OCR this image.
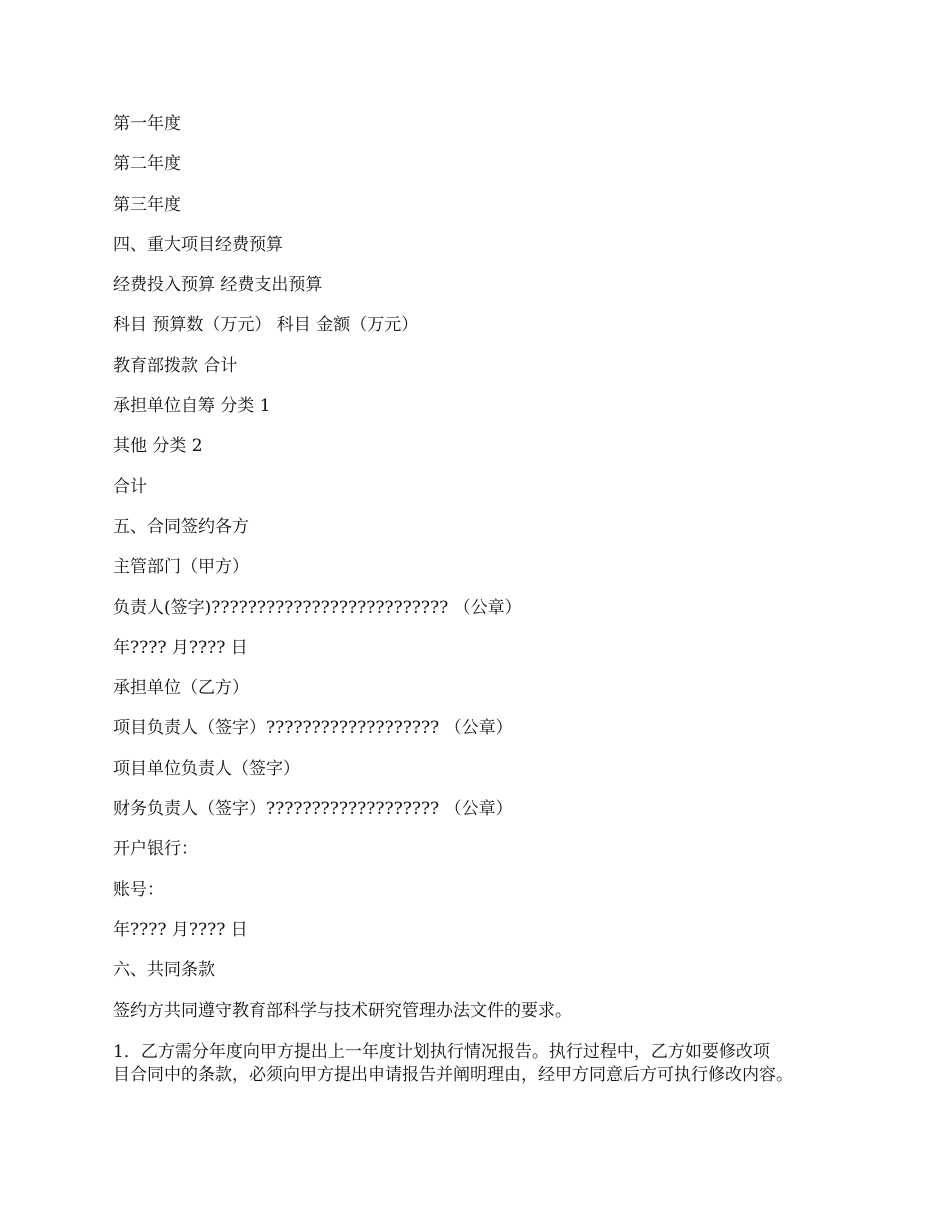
第一年度
第二年度
第三年度
四、重大项目经费预算
经费投入预算 经费支出预算
科目 预算数（万元） 科目 金额（万元）
教育部拨款 合计
承担单位自筹 分类 1
其他 分类 2
合计
五、合同签约各方
主管部门（甲方）
负责人(签字)?????????????????????????? （公章）
年???? 月???? 日
承担单位（乙方）
项目负责人（签字）??????????????????? （公章）
项目单位负责人（签字）
财务负责人（签字）??????????????????? （公章）
开户银行：
账号：
年???? 月???? 日
六、共同条款
签约方共同遵守教育部科学与技术研究管理办法文件的要求。
1．乙方需分年度向甲方提出上一年度计划执行情况报告。执行过程中，乙方如要修改项
目合同中的条款，必须向甲方提出申请报告并阐明理由，经甲方同意后方可执行修改内容。
